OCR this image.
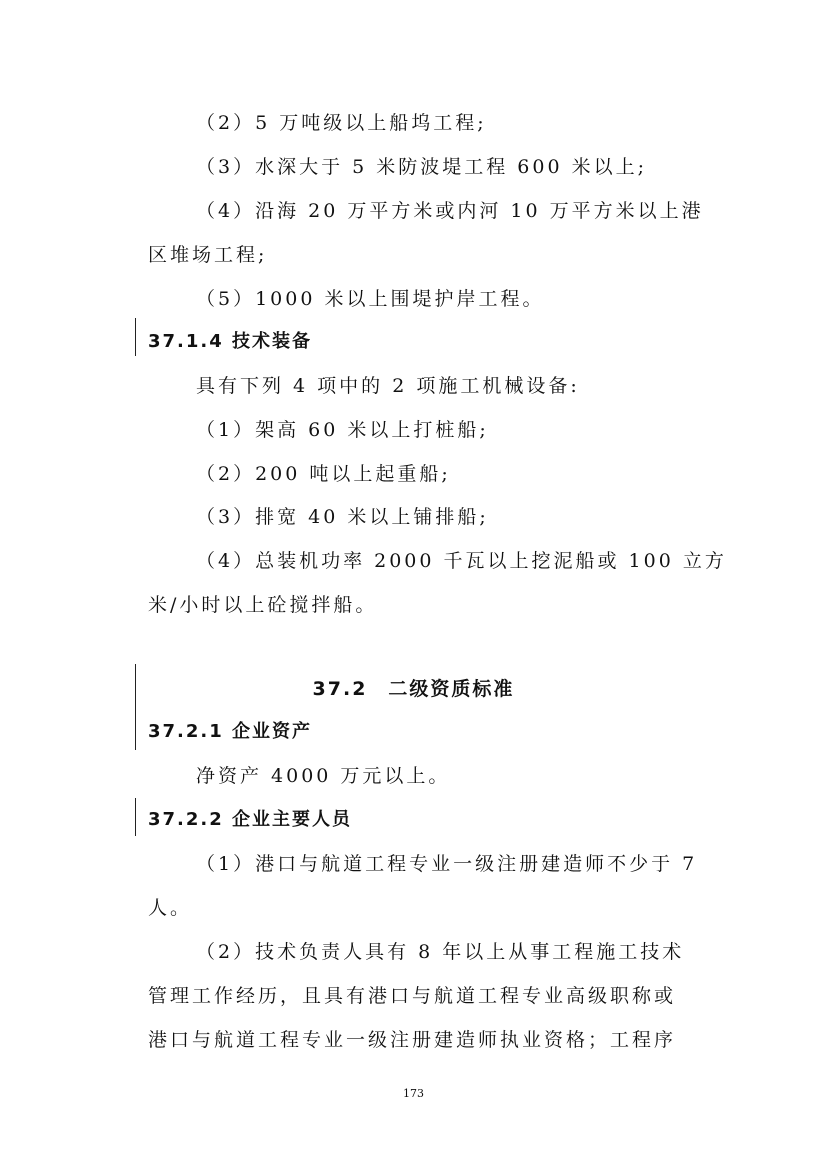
（2）5 万吨级以上船坞工程;
（3）水深大于 5 米防波堤工程 600 米以上;
（4）沿海 20 万平方米或内河 10 万平方米以上港
区堆场工程;
（5）1000 米以上围堤护岸工程。
37.1.4 技术装备
具有下列 4 项中的 2 项施工机械设备:
（1）架高 60 米以上打桩船;
（2）200 吨以上起重船;
（3）排宽 40 米以上铺排船;
（4）总装机功率 2000 千瓦以上挖泥船或 100 立方
米/小时以上砼搅拌船。
37.2　二级资质标准
37.2.1 企业资产
净资产 4000 万元以上。
37.2.2 企业主要人员
（1）港口与航道工程专业一级注册建造师不少于 7
人。
（2）技术负责人具有 8 年以上从事工程施工技术
管理工作经历，且具有港口与航道工程专业高级职称或
港口与航道工程专业一级注册建造师执业资格；工程序
173
